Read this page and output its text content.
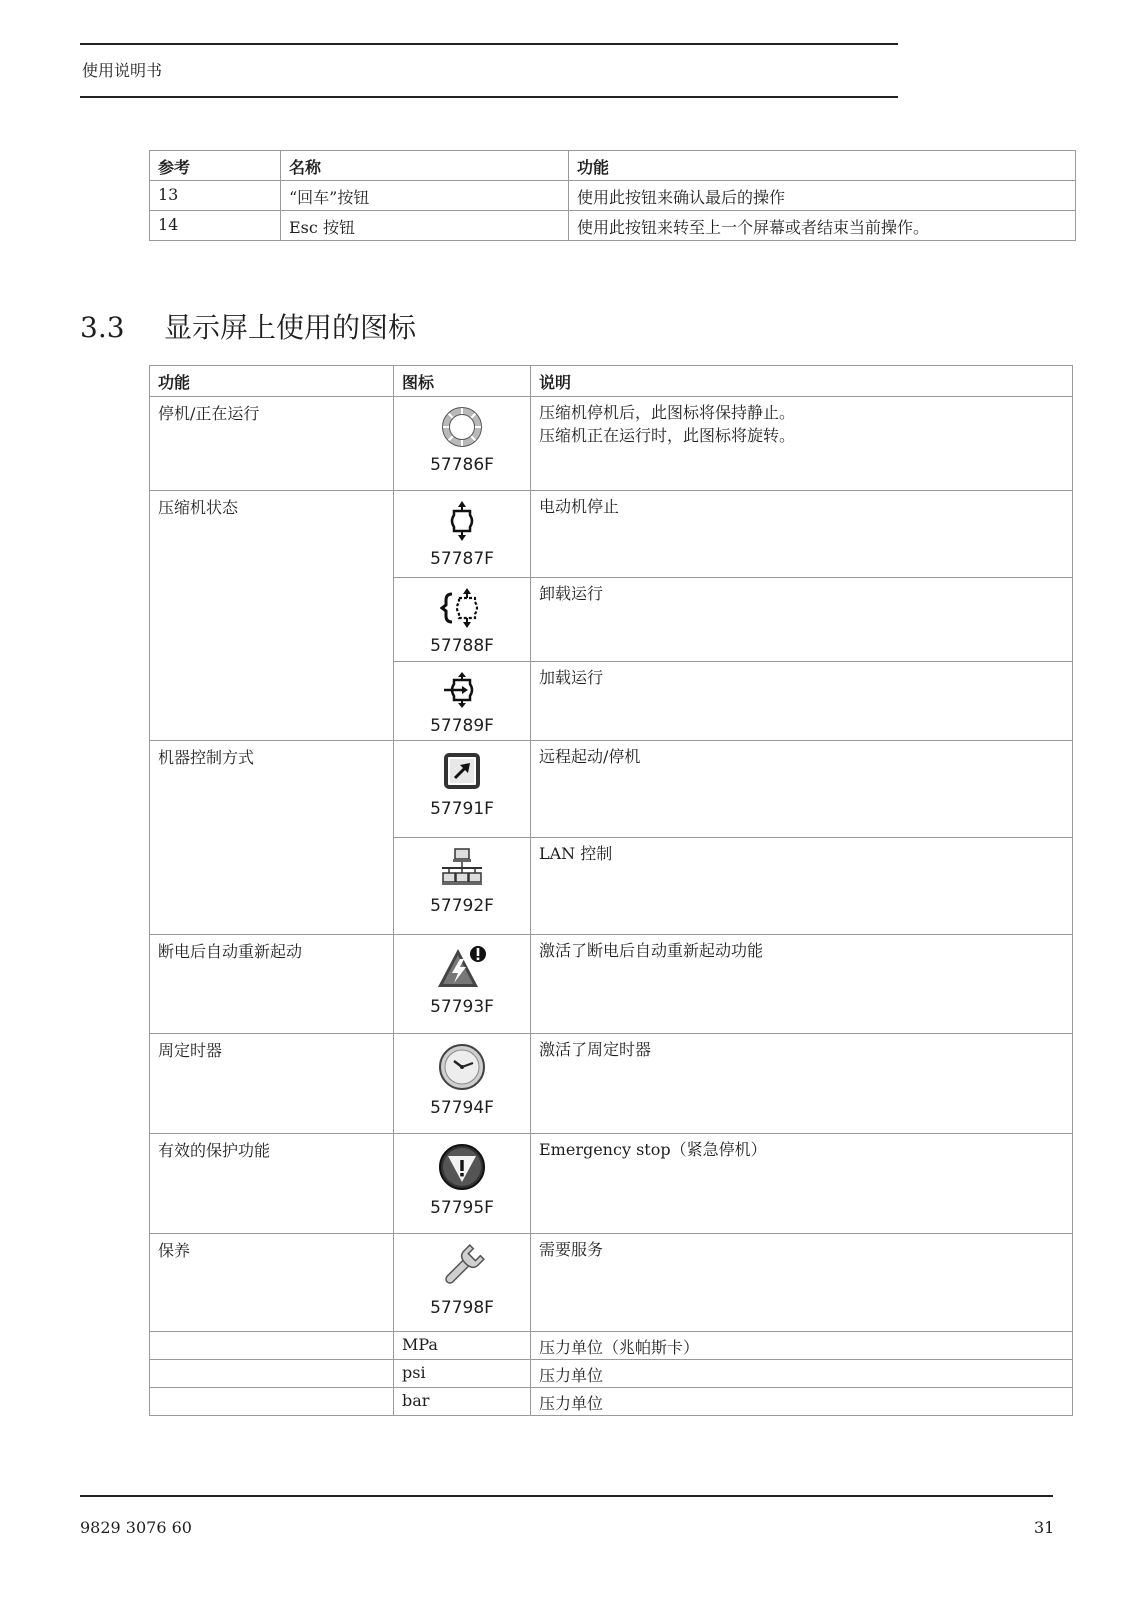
使用说明书
参考	名称	功能
13	“回车”按钮	使用此按钮来确认最后的操作
14	Esc 按钮	使用此按钮来转至上一个屏幕或者结束当前操作。
3.3 显示屏上使用的图标
功能	图标	说明
停机/正在运行	57786F	压缩机停机后，此图标将保持静止。
压缩机正在运行时，此图标将旋转。

压缩机状态	57787F	电动机停止

	57788F	卸载运行

	57789F	加载运行

机器控制方式	57791F	远程起动/停机

	57792F	LAN 控制

断电后自动重新起动	57793F	激活了断电后自动重新起动功能

周定时器	57794F	激活了周定时器

有效的保护功能	57795F	Emergency stop（紧急停机）

保养	57798F	需要服务

	MPa	压力单位（兆帕斯卡）
	psi	压力单位
	bar	压力单位
9829 3076 60	31
